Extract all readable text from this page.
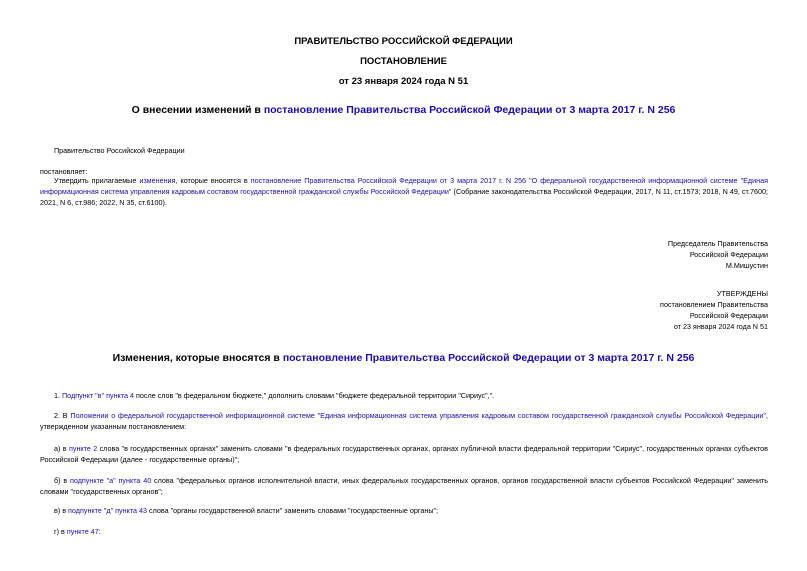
ПРАВИТЕЛЬСТВО РОССИЙСКОЙ ФЕДЕРАЦИИ
ПОСТАНОВЛЕНИЕ
от 23 января 2024 года N 51
О внесении изменений в постановление Правительства Российской Федерации от 3 марта 2017 г. N 256
Правительство Российской Федерации
постановляет:
Утвердить прилагаемые изменения, которые вносятся в постановление Правительства Российской Федерации от 3 марта 2017 г. N 256 "О федеральной государственной информационной системе "Единая информационная система управления кадровым составом государственной гражданской службы Российской Федерации" (Собрание законодательства Российской Федерации, 2017, N 11, ст.1573; 2018, N 49, ст.7600; 2021, N 6, ст.986; 2022, N 35, ст.6100).
Председатель Правительства
Российской Федерации
М.Мишустин
УТВЕРЖДЕНЫ
постановлением Правительства
Российской Федерации
от 23 января 2024 года N 51
Изменения, которые вносятся в постановление Правительства Российской Федерации от 3 марта 2017 г. N 256
1. Подпункт "в" пункта 4 после слов "в федеральном бюджете," дополнить словами "бюджете федеральной территории "Сириус",".
2. В Положении о федеральной государственной информационной системе "Единая информационная система управления кадровым составом государственной гражданской службы Российской Федерации", утвержденном указанным постановлением:
а) в пункте 2 слова "в государственных органах" заменить словами "в федеральных государственных органах, органах публичной власти федеральной территории "Сириус", государственных органах субъектов Российской Федерации (далее - государственные органы)";
б) в подпункте "а" пункта 40 слова "федеральных органов исполнительной власти, иных федеральных государственных органов, органов государственной власти субъектов Российской Федерации" заменить словами "государственных органов";
в) в подпункте "д" пункта 43 слова "органы государственной власти" заменить словами "государственные органы";
г) в пункте 47:
